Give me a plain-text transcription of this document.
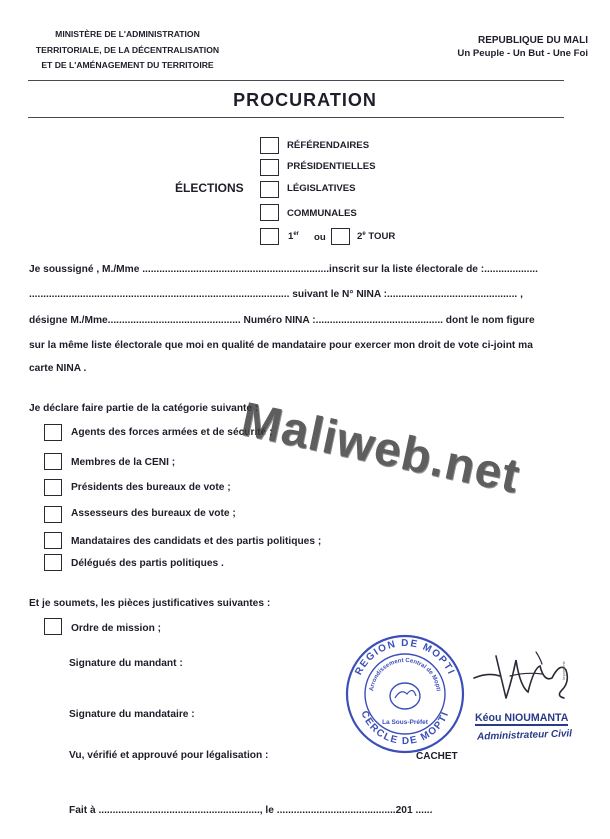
MINISTÈRE DE L'ADMINISTRATION
TERRITORIALE, DE LA DÉCENTRALISATION
ET DE L'AMÉNAGEMENT DU TERRITOIRE
REPUBLIQUE DU MALI
Un Peuple - Un But - Une Foi
PROCURATION
ÉLECTIONS
RÉFÉRENDAIRES
PRÉSIDENTIELLES
LÉGISLATIVES
COMMUNALES
1er ou	2e TOUR
Je soussigné , M./Mme ..................................................................inscrit sur la liste électorale de :...................
............................................................................................ suivant le N° NINA :.............................................. ,
désigne M./Mme............................................... Numéro NINA :............................................. dont le nom figure
sur la même liste électorale que moi en qualité de mandataire pour exercer mon droit de vote ci-joint ma
carte NINA .
Je déclare faire partie de la catégorie suivante :
Agents des forces armées et de sécurité ;
Membres de la CENI ;
Présidents des bureaux de vote ;
Assesseurs des bureaux de vote ;
Mandataires des candidats et des partis politiques ;
Délégués des partis politiques .
Et je soumets, les pièces justificatives suivantes :
Ordre de mission ;
Signature du mandant :
Signature du mandataire :
Vu, vérifié et approuvé pour légalisation :	CACHET
REGION DE MOPTI
CERCLE DE MOPTI
Arrondissement Central de Mopti
La Sous-Préfet
Imprimerie
Kéou NIOUMANTA
Administrateur Civil
Fait à ........................................................., le ..........................................201 ......
Maliweb.net
